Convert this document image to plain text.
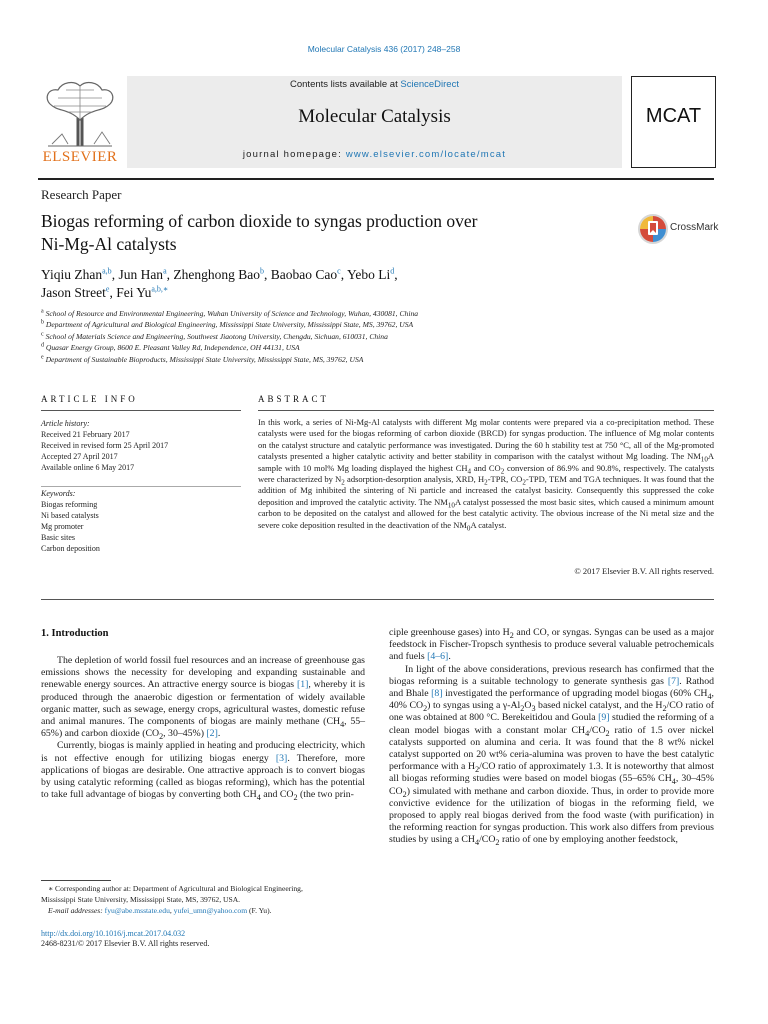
Molecular Catalysis 436 (2017) 248–258
ELSEVIER
Contents lists available at ScienceDirect
Molecular Catalysis
journal homepage: www.elsevier.com/locate/mcat
MCAT
Research Paper
Biogas reforming of carbon dioxide to syngas production over
Ni-Mg-Al catalysts
CrossMark
Yiqiu Zhan$^{a,b}$, Jun Han$^a$, Zhenghong Bao$^b$, Baobao Cao$^c$, Yebo Li$^d$,
Jason Street$^e$, Fei $Yu^{a,b,∗}$
$^a$ School of Resource and Environmental Engineering, Wuhan University of Science and Technology, Wuhan, 430081, China
$^b$ Department of Agricultural and Biological Engineering, Mississippi State University, Mississippi State, MS, 39762, USA
$^c$ School of Materials Science and Engineering, Southwest Jiaotong University, Chengdu, Sichuan, 610031, China
$^d$ Quasar Energy Group, 8600 E. Pleasant Valley Rd, Independence, OH 44131, USA
$^e$ Department of Sustainable Bioproducts, Mississippi State University, Mississippi State, MS, 39762, USA
ARTICLE INFO	ABSTRACT
Article history:
Received 21 February 2017
Received in revised form 25 April 2017
Accepted 27 April 2017
Available online 6 May 2017
Keywords:
Biogas reforming
Ni based catalysts
Mg promoter
Basic sites
Carbon deposition
In this work, a series of Ni-Mg-Al catalysts with different Mg molar contents were prepared via a co-precipitation method. These catalysts were used for the biogas reforming of carbon dioxide (BRCD) for syngas production. The influence of Mg molar contents on the catalyst structure and catalytic performance was investigated. During the 60 h stability test at 750 °C, all of the Mg-promoted catalysts presented a higher catalytic activity and better stability in comparison with the catalyst without Mg loading. The $NM_{10}A$ sample with 10 mol% Mg loading displayed the highest $CH_4$ and $CO_2$ conversion of 86.9% and 90.8%, respectively. The catalysts were characterized by $N_2$ adsorption-desorption analysis, XRD, $H_2$-TPR, $CO_2$-TPD, TEM and TGA techniques. It was found that the addition of Mg inhibited the sintering of Ni particle and increased the catalyst basicity. Consequently this suppressed the coke deposition and improved the catalytic activity. The $NM_{10}A$ catalyst possessed the most basic sites, which caused a minimum amount carbon to be deposited on the catalyst and allowed for the best catalytic activity. The obvious increase of the Ni metal size and the severe coke deposition resulted in the deactivation of the $NM_0A$ catalyst.
© 2017 Elsevier B.V. All rights reserved.
1. Introduction

The depletion of world fossil fuel resources and an increase of greenhouse gas emissions shows the necessity for developing and expanding sustainable and renewable energy sources. An attractive energy source is biogas [1], whereby it is produced through the anaerobic digestion or fermentation of widely available organic matter, such as sewage, energy crops, agricultural wastes, domestic refuse and animal manures. The components of biogas are mainly methane ($CH_4$, 55–65%) and carbon dioxide ($CO_2$, 30–45%) [2].

Currently, biogas is mainly applied in heating and producing electricity, which is not effective enough for utilizing biogas energy [3]. Therefore, more applications of biogas are desirable. One attractive approach is to convert biogas by using catalytic reforming (called as biogas reforming), which has the potential to take full advantage of biogas by converting both $CH_4$ and $CO_2$ (the two prin-

ciple greenhouse gases) into $H_2$ and CO, or syngas. Syngas can be used as a major feedstock in Fischer-Tropsch synthesis to produce several valuable petrochemicals and fuels [4–6].

In light of the above considerations, previous research has confirmed that the biogas reforming is a suitable technology to generate synthesis gas [7]. Rathod and Bhale [8] investigated the performance of upgrading model biogas (60% $CH_4$, 40% $CO_2$) to syngas using a $\gamma-Al_2O_3$ based nickel catalyst, and the $H_2/CO$ ratio of one was obtained at 800 °C. Berekeitidou and Goula [9] studied the reforming of a clean model biogas with a constant molar $CH_4/CO_2$ ratio of 1.5 over nickel catalysts supported on alumina and ceria. It was found that the 8 wt% nickel catalyst supported on 20 wt% ceria-alumina was proven to have the best catalytic performance with a $H_2/CO$ ratio of approximately 1.3. It is noteworthy that almost all biogas reforming studies were based on model biogas (55–65% $CH_4$, 30–45% $CO_2$) simulated with methane and carbon dioxide. Thus, in order to provide more convictive evidence for the utilization of biogas in the reforming field, we proposed to apply real biogas derived from the food waste (with purification) in the reforming reaction for syngas production. This work also differs from previous studies by using a $CH_4/CO_2$ ratio of one by employing another feedstock,

∗ Corresponding author at: Department of Agricultural and Biological Engineering,
Mississippi State University, Mississippi State, MS, 39762, USA.
E-mail addresses: fyu@abe.msstate.edu, yufei_umn@yahoo.com (F. Yu).
http://dx.doi.org/10.1016/j.mcat.2017.04.032
2468-8231/© 2017 Elsevier B.V. All rights reserved.
